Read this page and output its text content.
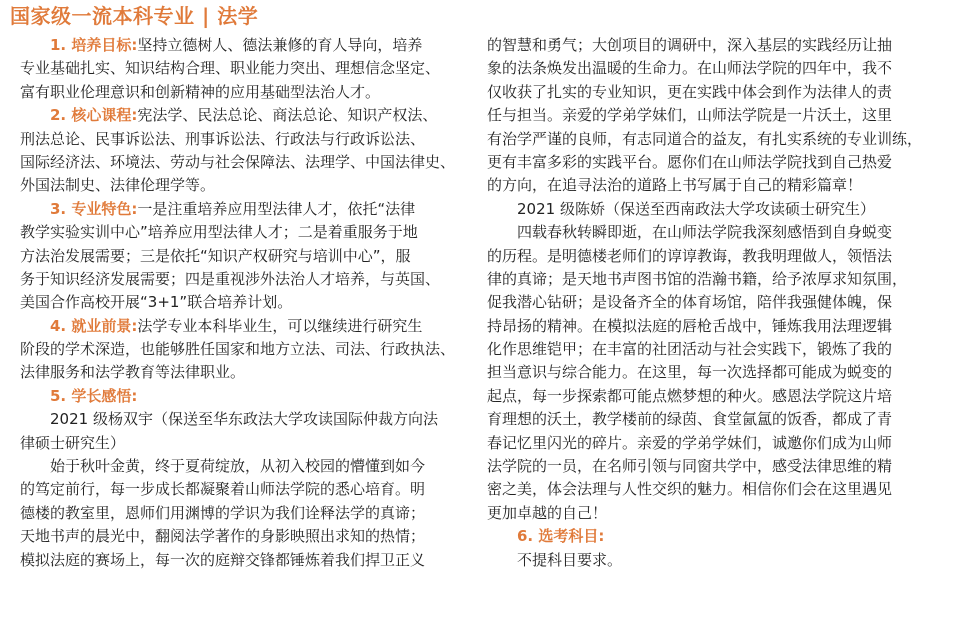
国家级一流本科专业 | 法学
1. 培养目标:坚持立德树人、德法兼修的育人导向，培养
专业基础扎实、知识结构合理、职业能力突出、理想信念坚定、
富有职业伦理意识和创新精神的应用基础型法治人才。
2. 核心课程:宪法学、民法总论、商法总论、知识产权法、
刑法总论、民事诉讼法、刑事诉讼法、行政法与行政诉讼法、
国际经济法、环境法、劳动与社会保障法、法理学、中国法律史、
外国法制史、法律伦理学等。
3. 专业特色:一是注重培养应用型法律人才，依托“法律
教学实验实训中心”培养应用型法律人才；二是着重服务于地
方法治发展需要；三是依托“知识产权研究与培训中心”，服
务于知识经济发展需要；四是重视涉外法治人才培养，与英国、
美国合作高校开展“3+1”联合培养计划。
4. 就业前景:法学专业本科毕业生，可以继续进行研究生
阶段的学术深造，也能够胜任国家和地方立法、司法、行政执法、
法律服务和法学教育等法律职业。
5. 学长感悟:
2021 级杨双宇（保送至华东政法大学攻读国际仲裁方向法
律硕士研究生）
始于秋叶金黄，终于夏荷绽放，从初入校园的懵懂到如今
的笃定前行，每一步成长都凝聚着山师法学院的悉心培育。明
德楼的教室里，恩师们用渊博的学识为我们诠释法学的真谛；
天地书声的晨光中，翻阅法学著作的身影映照出求知的热情；
模拟法庭的赛场上，每一次的庭辩交锋都锤炼着我们捍卫正义
的智慧和勇气；大创项目的调研中，深入基层的实践经历让抽
象的法条焕发出温暖的生命力。在山师法学院的四年中，我不
仅收获了扎实的专业知识，更在实践中体会到作为法律人的责
任与担当。亲爱的学弟学妹们，山师法学院是一片沃土，这里
有治学严谨的良师，有志同道合的益友，有扎实系统的专业训练，
更有丰富多彩的实践平台。愿你们在山师法学院找到自己热爱
的方向，在追寻法治的道路上书写属于自己的精彩篇章！
2021 级陈娇（保送至西南政法大学攻读硕士研究生）
四载春秋转瞬即逝，在山师法学院我深刻感悟到自身蜕变
的历程。是明德楼老师们的谆谆教诲，教我明理做人，领悟法
律的真谛；是天地书声图书馆的浩瀚书籍，给予浓厚求知氛围，
促我潜心钻研；是设备齐全的体育场馆，陪伴我强健体魄，保
持昂扬的精神。在模拟法庭的唇枪舌战中，锤炼我用法理逻辑
化作思维铠甲；在丰富的社团活动与社会实践下，锻炼了我的
担当意识与综合能力。在这里，每一次选择都可能成为蜕变的
起点，每一步探索都可能点燃梦想的种火。感恩法学院这片培
育理想的沃土，教学楼前的绿茵、食堂氤氲的饭香，都成了青
春记忆里闪光的碎片。亲爱的学弟学妹们，诚邀你们成为山师
法学院的一员，在名师引领与同窗共学中，感受法律思维的精
密之美，体会法理与人性交织的魅力。相信你们会在这里遇见
更加卓越的自己！
6. 选考科目:
不提科目要求。
